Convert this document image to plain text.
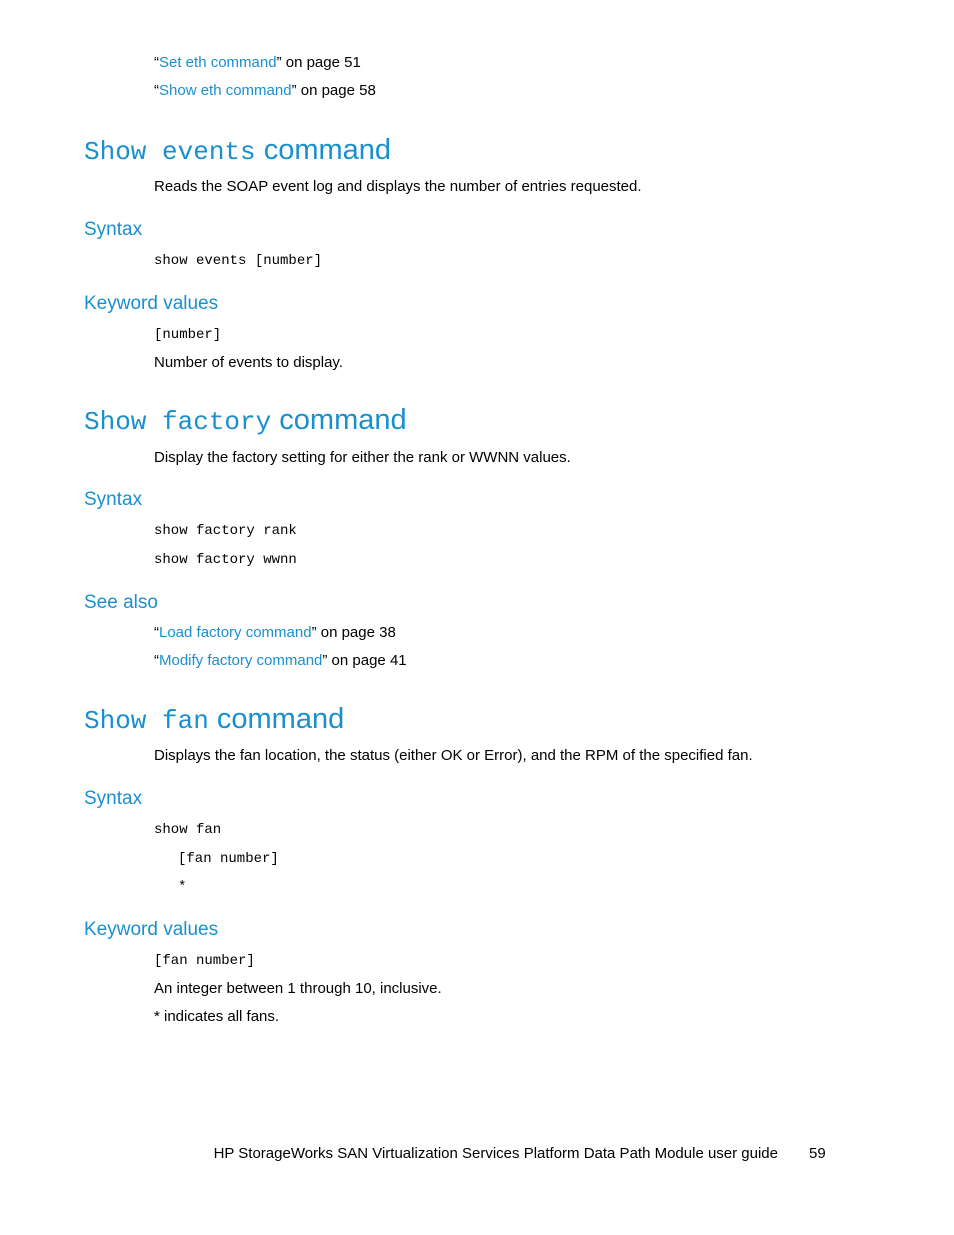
“Set eth command” on page 51
“Show eth command” on page 58
Show events command
Reads the SOAP event log and displays the number of entries requested.
Syntax
show events [number]
Keyword values
[number]
Number of events to display.
Show factory command
Display the factory setting for either the rank or WWNN values.
Syntax
show factory rank
show factory wwnn
See also
“Load factory command” on page 38
“Modify factory command” on page 41
Show fan command
Displays the fan location, the status (either OK or Error), and the RPM of the specified fan.
Syntax
show fan
[fan number]
*
Keyword values
[fan number]
An integer between 1 through 10, inclusive.
* indicates all fans.
HP StorageWorks SAN Virtualization Services Platform Data Path Module user guide 59
